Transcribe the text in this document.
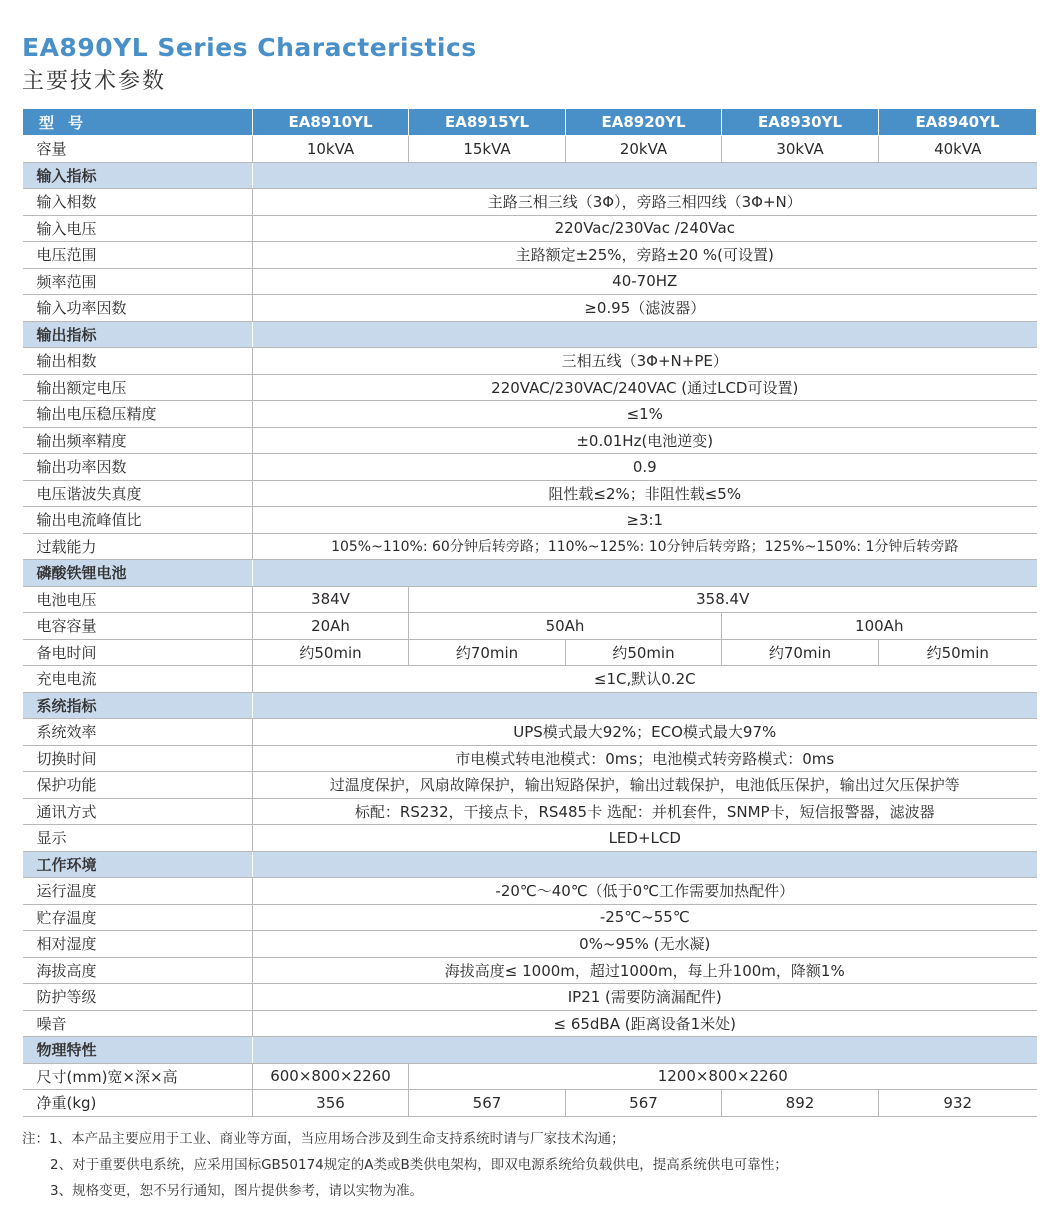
EA890YL Series Characteristics
主要技术参数
型号	EA8910YL	EA8915YL	EA8920YL	EA8930YL	EA8940YL
容量	10kVA	15kVA	20kVA	30kVA	40kVA
输入指标					
输入相数	主路三相三线（3Φ），旁路三相四线（3Φ+N）				
输入电压	220Vac/230Vac /240Vac				
电压范围	主路额定±25%，旁路±20 %(可设置)				
频率范围	40-70HZ				
输入功率因数	≥0.95（滤波器）				
输出指标					
输出相数	三相五线（3Φ+N+PE）				
输出额定电压	220VAC/230VAC/240VAC (通过LCD可设置)				
输出电压稳压精度	≤1%				
输出频率精度	±0.01Hz(电池逆变)				
输出功率因数	0.9				
电压谐波失真度	阻性载≤2%；非阻性载≤5%				
输出电流峰值比	≥3:1				
过载能力	105%~110%: 60分钟后转旁路；110%~125%: 10分钟后转旁路；125%~150%: 1分钟后转旁路				
磷酸铁锂电池					
电池电压	384V	358.4V			
电容容量	20Ah	50Ah		100Ah	
备电时间	约50min	约70min	约50min	约70min	约50min
充电电流	≤1C,默认0.2C				
系统指标					
系统效率	UPS模式最大92%；ECO模式最大97%				
切换时间	市电模式转电池模式：0ms；电池模式转旁路模式：0ms				
保护功能	过温度保护，风扇故障保护，输出短路保护，输出过载保护，电池低压保护，输出过欠压保护等				
通讯方式	标配：RS232，干接点卡，RS485卡 选配：并机套件，SNMP卡，短信报警器，滤波器				
显示	LED+LCD				
工作环境					
运行温度	-20℃～40℃（低于0℃工作需要加热配件）				
贮存温度	-25℃~55℃				
相对湿度	0%~95% (无水凝)				
海拔高度	海拔高度≤ 1000m，超过1000m，每上升100m，降额1%				
防护等级	IP21 (需要防滴漏配件)				
噪音	≤ 65dBA (距离设备1米处)				
物理特性					
尺寸(mm)宽×深×高	600×800×2260	1200×800×2260			
净重(kg)	356	567	567	892	932
注：1、本产品主要应用于工业、商业等方面，当应用场合涉及到生命支持系统时请与厂家技术沟通；
2、对于重要供电系统，应采用国标GB50174规定的A类或B类供电架构，即双电源系统给负载供电，提高系统供电可靠性；
3、规格变更，恕不另行通知，图片提供参考，请以实物为准。
